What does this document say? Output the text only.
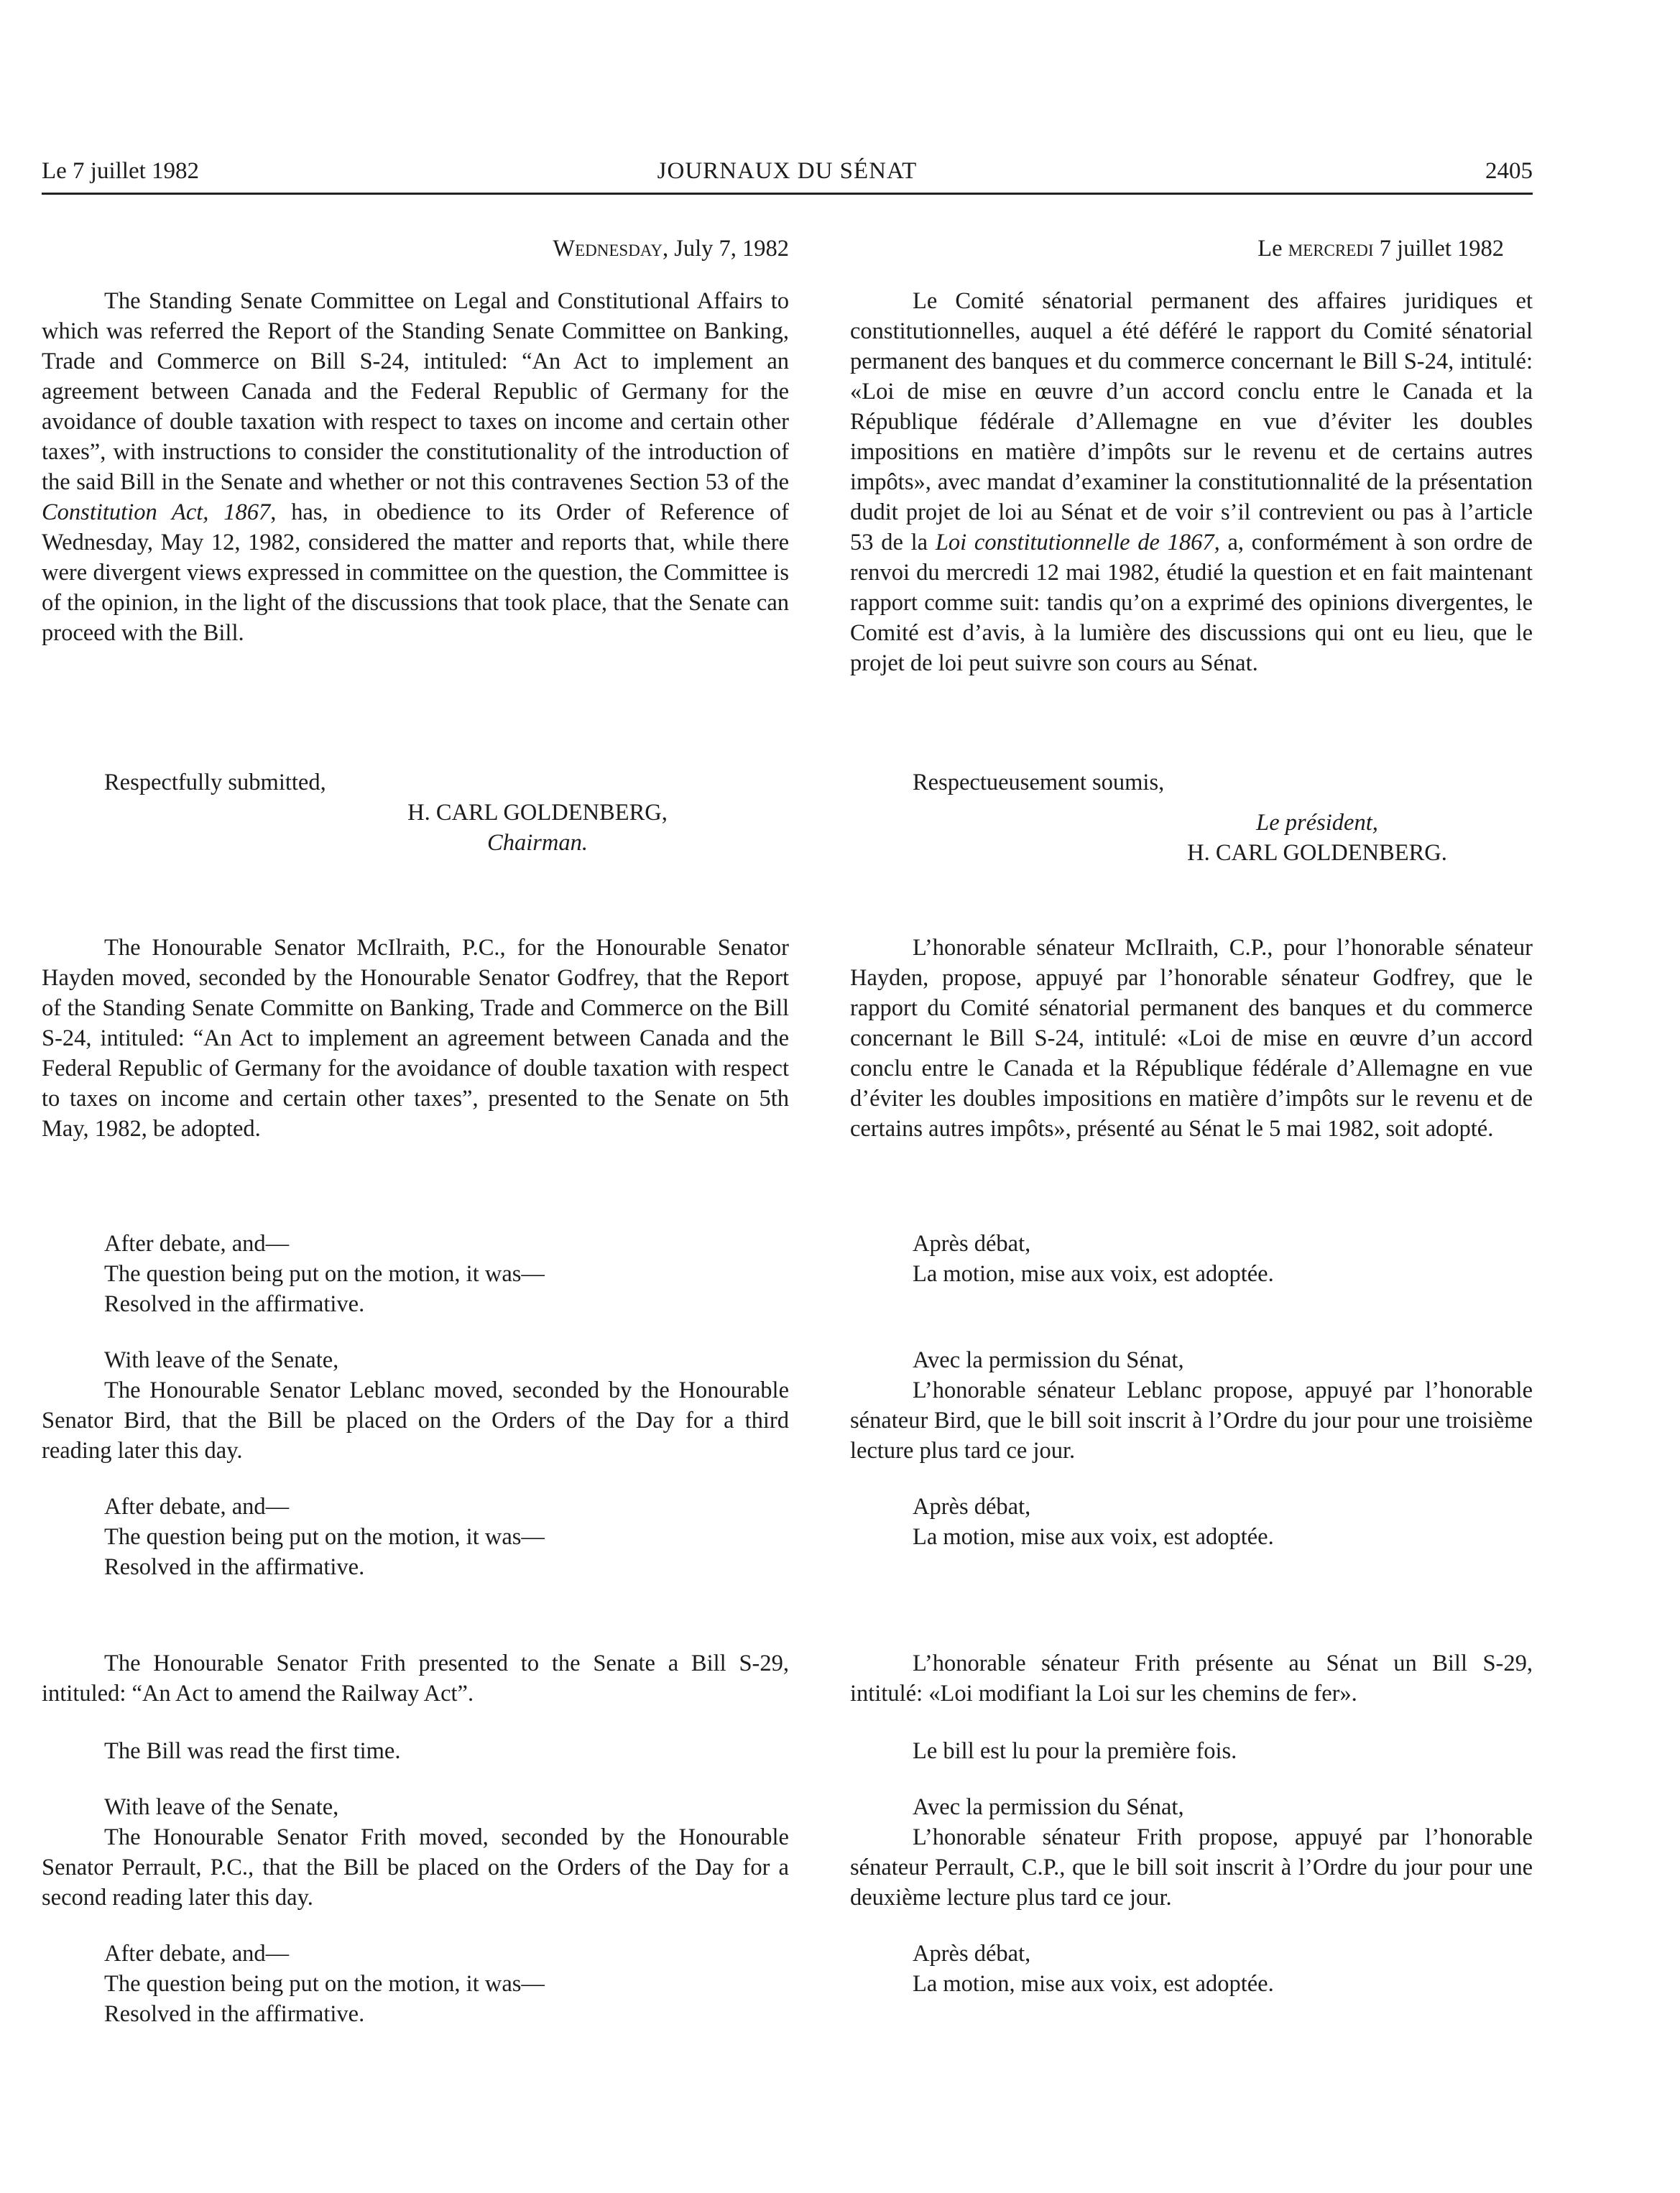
Le 7 juillet 1982	JOURNAUX DU SÉNAT	2405
Wednesday, July 7, 1982

The Standing Senate Committee on Legal and Constitutional Affairs to which was referred the Report of the Standing Senate Committee on Banking, Trade and Commerce on Bill S-24, intituled: “An Act to implement an agreement between Canada and the Federal Republic of Germany for the avoidance of double taxation with respect to taxes on income and certain other taxes”, with instructions to consider the constitutionality of the introduction of the said Bill in the Senate and whether or not this contravenes Section 53 of the Constitution Act, 1867, has, in obedience to its Order of Reference of Wednesday, May 12, 1982, considered the matter and reports that, while there were divergent views expressed in committee on the question, the Committee is of the opinion, in the light of the discussions that took place, that the Senate can proceed with the Bill.

Respectfully submitted,

H. CARL GOLDENBERG,
Chairman.

The Honourable Senator McIlraith, P.C., for the Honourable Senator Hayden moved, seconded by the Honourable Senator Godfrey, that the Report of the Standing Senate Committe on Banking, Trade and Commerce on the Bill S-24, intituled: “An Act to implement an agreement between Canada and the Federal Republic of Germany for the avoidance of double taxation with respect to taxes on income and certain other taxes”, presented to the Senate on 5th May, 1982, be adopted.

After debate, and—

The question being put on the motion, it was—

Resolved in the affirmative.

With leave of the Senate,

The Honourable Senator Leblanc moved, seconded by the Honourable Senator Bird, that the Bill be placed on the Orders of the Day for a third reading later this day.

After debate, and—

The question being put on the motion, it was—

Resolved in the affirmative.

The Honourable Senator Frith presented to the Senate a Bill S-29, intituled: “An Act to amend the Railway Act”.

The Bill was read the first time.

With leave of the Senate,

The Honourable Senator Frith moved, seconded by the Honourable Senator Perrault, P.C., that the Bill be placed on the Orders of the Day for a second reading later this day.

After debate, and—

The question being put on the motion, it was—

Resolved in the affirmative.

Le mercredi 7 juillet 1982

Le Comité sénatorial permanent des affaires juridiques et constitutionnelles, auquel a été déféré le rapport du Comité sénatorial permanent des banques et du commerce concernant le Bill S-24, intitulé: «Loi de mise en œuvre d’un accord conclu entre le Canada et la République fédérale d’Allemagne en vue d’éviter les doubles impositions en matière d’impôts sur le revenu et de certains autres impôts», avec mandat d’examiner la constitutionnalité de la présentation dudit projet de loi au Sénat et de voir s’il contrevient ou pas à l’article 53 de la Loi constitutionnelle de 1867, a, conformément à son ordre de renvoi du mercredi 12 mai 1982, étudié la question et en fait maintenant rapport comme suit: tandis qu’on a exprimé des opinions divergentes, le Comité est d’avis, à la lumière des discussions qui ont eu lieu, que le projet de loi peut suivre son cours au Sénat.

Respectueusement soumis,

Le président,
H. CARL GOLDENBERG.

L’honorable sénateur McIlraith, C.P., pour l’honorable sénateur Hayden, propose, appuyé par l’honorable sénateur Godfrey, que le rapport du Comité sénatorial permanent des banques et du commerce concernant le Bill S-24, intitulé: «Loi de mise en œuvre d’un accord conclu entre le Canada et la République fédérale d’Allemagne en vue d’éviter les doubles impositions en matière d’impôts sur le revenu et de certains autres impôts», présenté au Sénat le 5 mai 1982, soit adopté.

Après débat,

La motion, mise aux voix, est adoptée.

Avec la permission du Sénat,

L’honorable sénateur Leblanc propose, appuyé par l’honorable sénateur Bird, que le bill soit inscrit à l’Ordre du jour pour une troisième lecture plus tard ce jour.

Après débat,

La motion, mise aux voix, est adoptée.

L’honorable sénateur Frith présente au Sénat un Bill S-29, intitulé: «Loi modifiant la Loi sur les chemins de fer».

Le bill est lu pour la première fois.

Avec la permission du Sénat,

L’honorable sénateur Frith propose, appuyé par l’honorable sénateur Perrault, C.P., que le bill soit inscrit à l’Ordre du jour pour une deuxième lecture plus tard ce jour.

Après débat,

La motion, mise aux voix, est adoptée.
